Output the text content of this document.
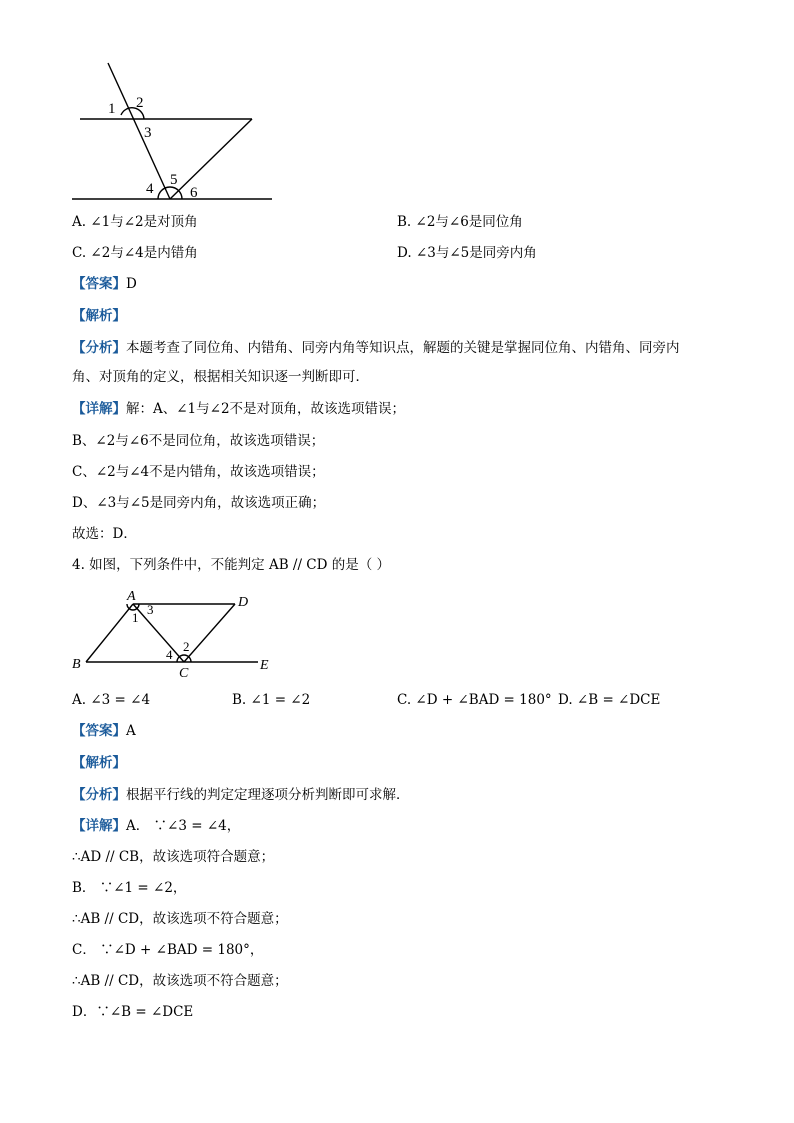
1 2
3
4
5
6
A. ∠1与∠2是对顶角	B. ∠2与∠6是同位角
C. ∠2与∠4是内错角	D. ∠3与∠5是同旁内角
【答案】D
【解析】
【分析】本题考查了同位角、内错角、同旁内角等知识点，解题的关键是掌握同位角、内错角、同旁内
角、对顶角的定义，根据相关知识逐一判断即可．
【详解】解：A、∠1与∠2不是对顶角，故该选项错误；
B、∠2与∠6不是同位角，故该选项错误；
C、∠2与∠4不是内错角，故该选项错误；
D、∠3与∠5是同旁内角，故该选项正确；
故选：D．
4. 如图，下列条件中，不能判定 AB // CD 的是（ ）
A	D
B
C
E
1
3
2
4
A. ∠3 = ∠4	B. ∠1 = ∠2	C. ∠D + ∠BAD = 180° D. ∠B = ∠DCE
【答案】A
【解析】
【分析】根据平行线的判定定理逐项分析判断即可求解．
【详解】A． ∵∠3 = ∠4，
∴AD // CB，故该选项符合题意；
B． ∵∠1 = ∠2，
∴AB // CD，故该选项不符合题意；
C． ∵∠D + ∠BAD = 180°，
∴AB // CD，故该选项不符合题意；
D．∵∠B = ∠DCE
